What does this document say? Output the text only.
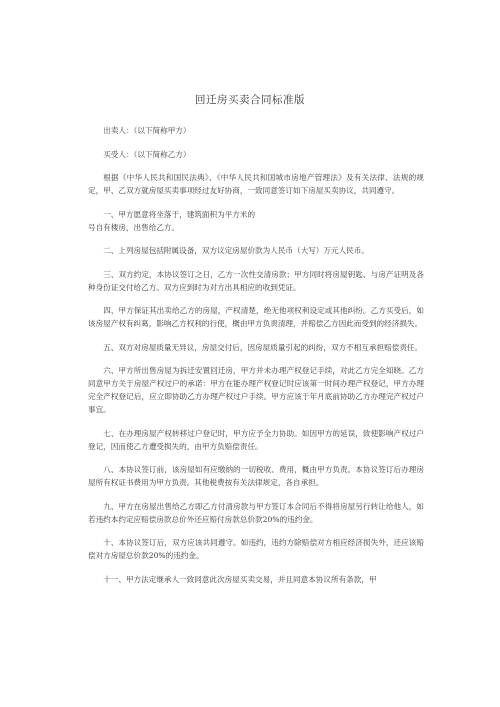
回迁房买卖合同标准版

出卖人：（以下简称甲方）

买受人：（以下简称乙方）

根据《中华人民共和国民法典》、《中华人民共和国城市房地产管理法》及有关法律、法规的规定，甲、乙双方就房屋买卖事项经过友好协商，一致同意签订如下房屋买卖协议，共同遵守。

一、甲方愿意将坐落于，建筑面积为平方米的
号自有楼房，出售给乙方。

二、上列房屋包括附属设备，双方议定房屋价款为人民币（大写）万元人民币。

三、双方约定，本协议签订之日，乙方一次性交清房款；甲方同时将房屋钥匙、与房产证明及各种身份证交付给乙方。双方应到时为对方出具相应的收到凭证。

四、甲方保证其出卖给乙方的房屋，产权清楚，绝无他项权利设定或其他纠纷。乙方买受后，如该房屋产权有纠葛，影响乙方权利的行使，概由甲方负责清理，并赔偿乙方因此而受到的经济损失。

五、双方对房屋质量无异议，房屋交付后，因房屋质量引起的纠纷，双方不相互承担赔偿责任。

六、甲方所出售房屋为拆迁安置回迁房，甲方并未办理产权登记手续，对此乙方完全知晓。乙方同意甲方关于房屋产权过户的承诺：甲方在能办理产权登记时应该第一时间办理产权登记，甲方办理完全产权登记后，应立即协助乙方办理产权过户手续。甲方应该于年月底前协助乙方办理完产权过户事宜。

七、在办理房屋产权转移过户登记时，甲方应予全力协助。如因甲方的延误，致使影响产权过户登记，因而使乙方遭受损失的，由甲方负赔偿责任。

八、本协议签订前，该房屋如有应缴纳的一切税收、费用，概由甲方负责。本协议签订后办理房屋所有权证书费用为甲方负责。其他税费按有关法律规定，各自承担。

九、甲方在房屋出售给乙方即乙方付清房款与甲方签订本合同后不得将房屋另行转让给他人，如若违约本约定应赔偿房款总价外还应赔付房款总价款20%的违约金。

十、本协议签订后，双方应该共同遵守。如违约，违约方除赔偿对方相应经济损失外，还应该赔偿对方房屋总价款20%的违约金。

十一、甲方法定继承人一致同意此次房屋买卖交易，并且同意本协议所有条款，甲
